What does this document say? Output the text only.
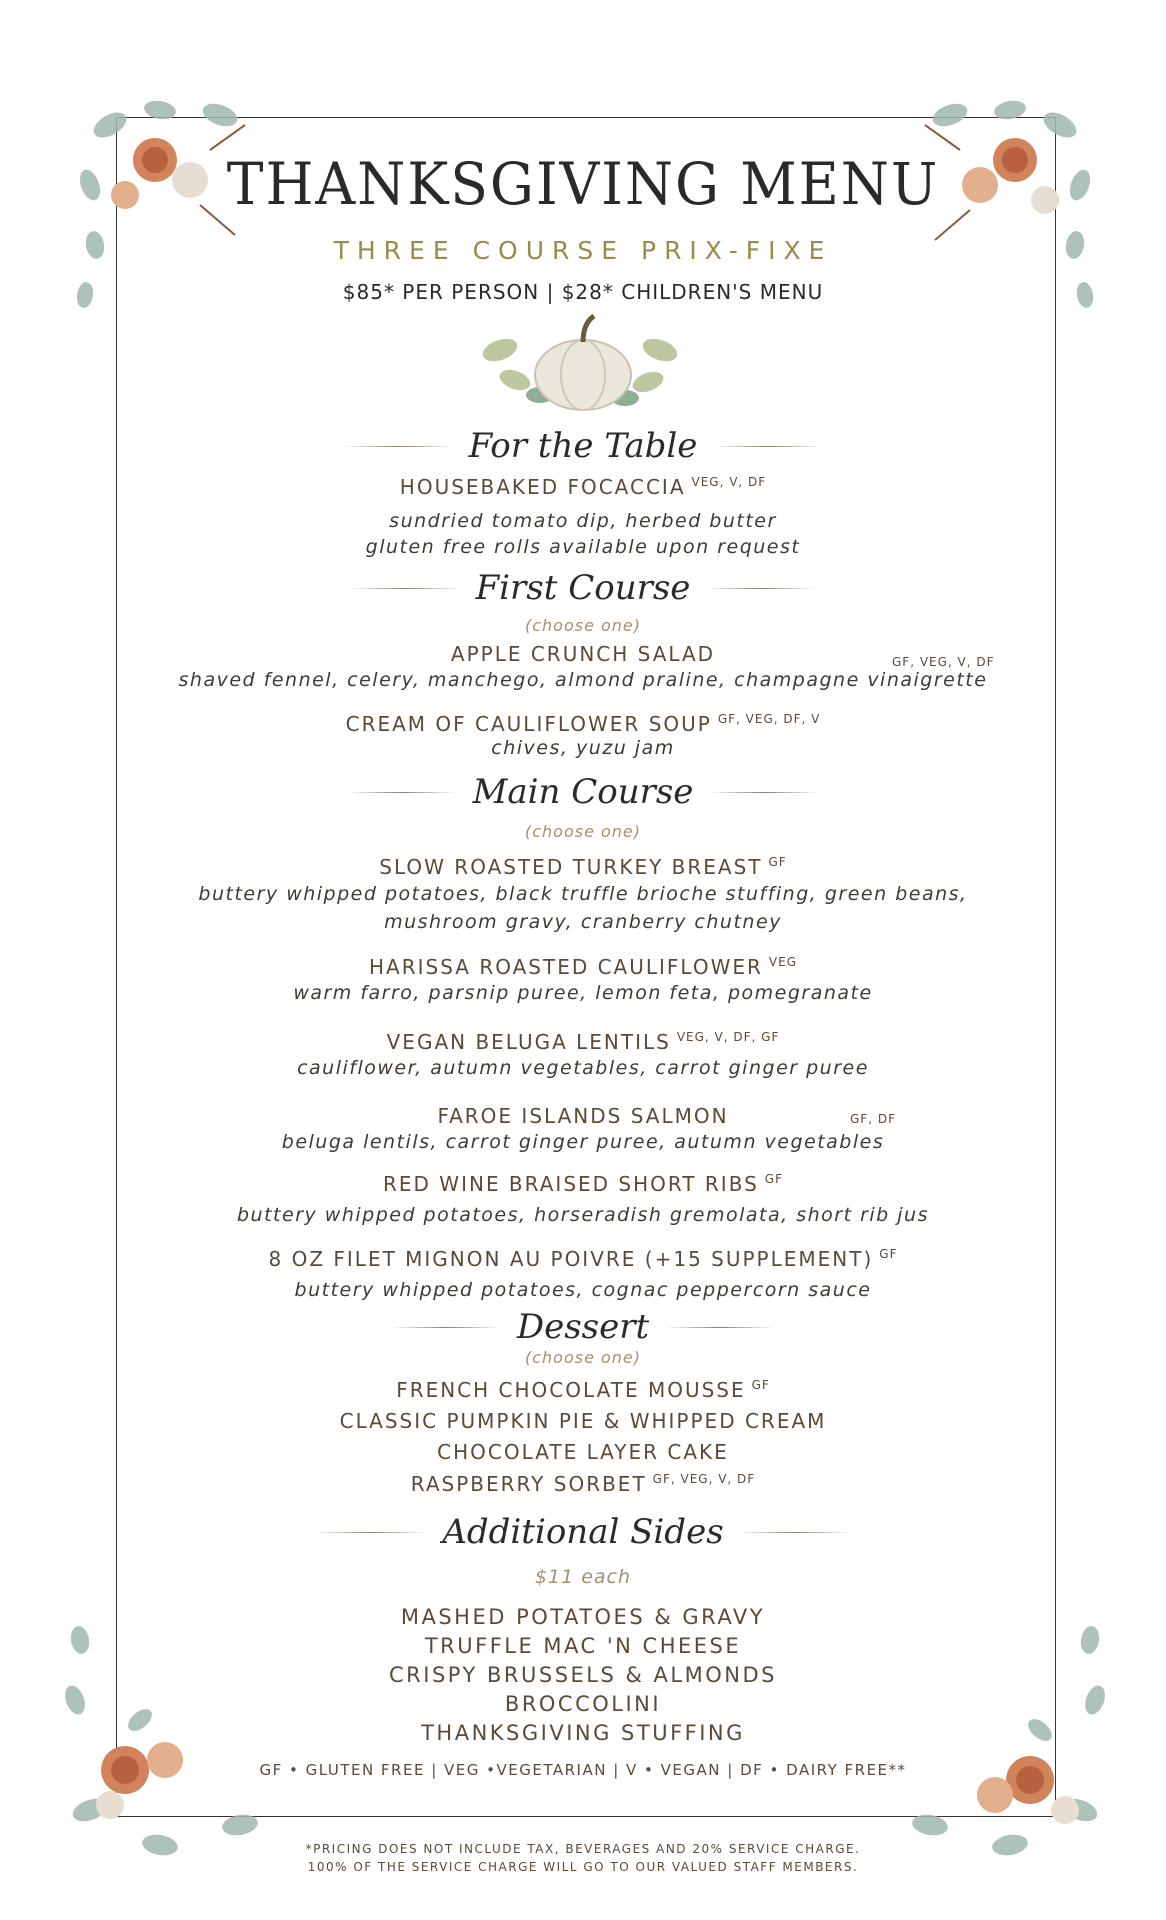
THANKSGIVING MENU
THREE COURSE PRIX-FIXE
$85* PER PERSON | $28* CHILDREN'S MENU
For the Table
HOUSEBAKED FOCACCIA $^{VEG, V, DF}$
sundried tomato dip, herbed butter
gluten free rolls available upon request
First Course
(choose one)
APPLE CRUNCH SALAD	GF, VEG, V, DF
shaved fennel, celery, manchego, almond praline, champagne vinaigrette
CREAM OF CAULIFLOWER SOUP $^{GF, VEG, DF, V}$
chives, yuzu jam
Main Course
(choose one)
SLOW ROASTED TURKEY BREAST $^{GF}$
buttery whipped potatoes, black truffle brioche stuffing, green beans,
mushroom gravy, cranberry chutney
HARISSA ROASTED CAULIFLOWER $^{VEG}$
warm farro, parsnip puree, lemon feta, pomegranate
VEGAN BELUGA LENTILS $^{VEG, V, DF, GF}$
cauliflower, autumn vegetables, carrot ginger puree
FAROE ISLANDS SALMON	GF, DF
beluga lentils, carrot ginger puree, autumn vegetables
RED WINE BRAISED SHORT RIBS $^{GF}$
buttery whipped potatoes, horseradish gremolata, short rib jus
8 OZ FILET MIGNON AU POIVRE (+15 SUPPLEMENT) $^{GF}$
buttery whipped potatoes, cognac peppercorn sauce
Dessert
(choose one)
FRENCH CHOCOLATE MOUSSE $^{GF}$
CLASSIC PUMPKIN PIE & WHIPPED CREAM
CHOCOLATE LAYER CAKE
RASPBERRY SORBET $^{GF, VEG, V, DF}$
Additional Sides
$11 each
MASHED POTATOES & GRAVY
TRUFFLE MAC 'N CHEESE
CRISPY BRUSSELS & ALMONDS
BROCCOLINI
THANKSGIVING STUFFING
GF • GLUTEN FREE | VEG •VEGETARIAN | V • VEGAN | DF • DAIRY FREE**
*PRICING DOES NOT INCLUDE TAX, BEVERAGES AND 20% SERVICE CHARGE.
100% OF THE SERVICE CHARGE WILL GO TO OUR VALUED STAFF MEMBERS.
